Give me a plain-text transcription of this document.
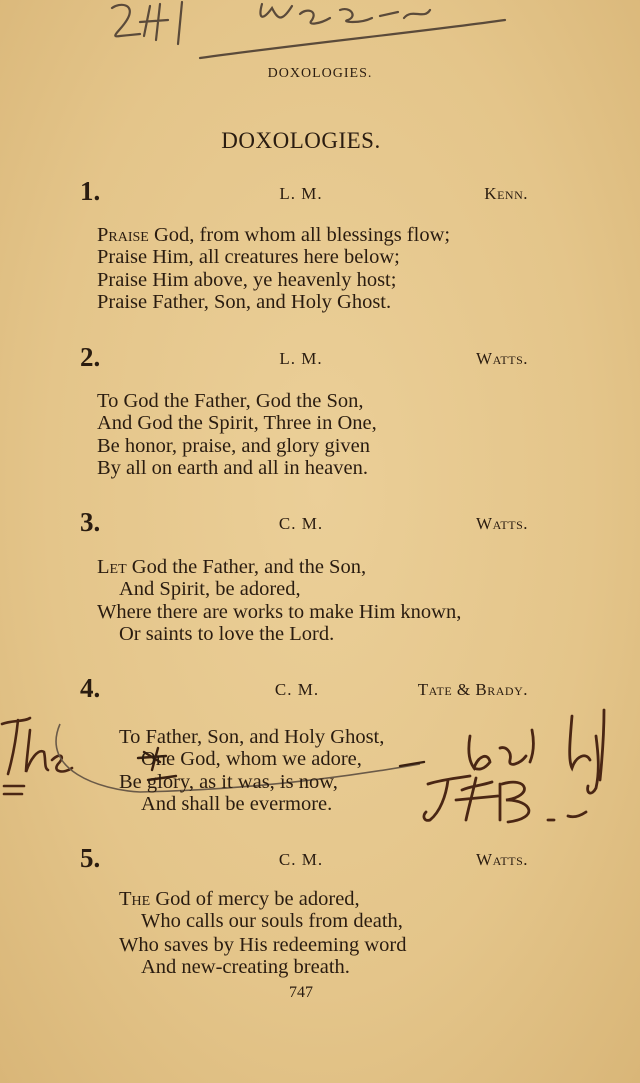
DOXOLOGIES.
DOXOLOGIES.
1.	L. M.	Kenn.
Praise God, from whom all blessings flow;
Praise Him, all creatures here below;
Praise Him above, ye heavenly host;
Praise Father, Son, and Holy Ghost.
2.	L. M.	Watts.
To God the Father, God the Son,
And God the Spirit, Three in One,
Be honor, praise, and glory given
By all on earth and all in heaven.
3.	C. M.	Watts.
Let God the Father, and the Son,
And Spirit, be adored,
Where there are works to make Him known,
Or saints to love the Lord.
4.	C. M.	Tate & Brady.
To Father, Son, and Holy Ghost,
One God, whom we adore,
Be glory, as it was, is now,
And shall be evermore.
5.	C. M.	Watts.
The God of mercy be adored,
Who calls our souls from death,
Who saves by His redeeming word
And new-creating breath.
747
